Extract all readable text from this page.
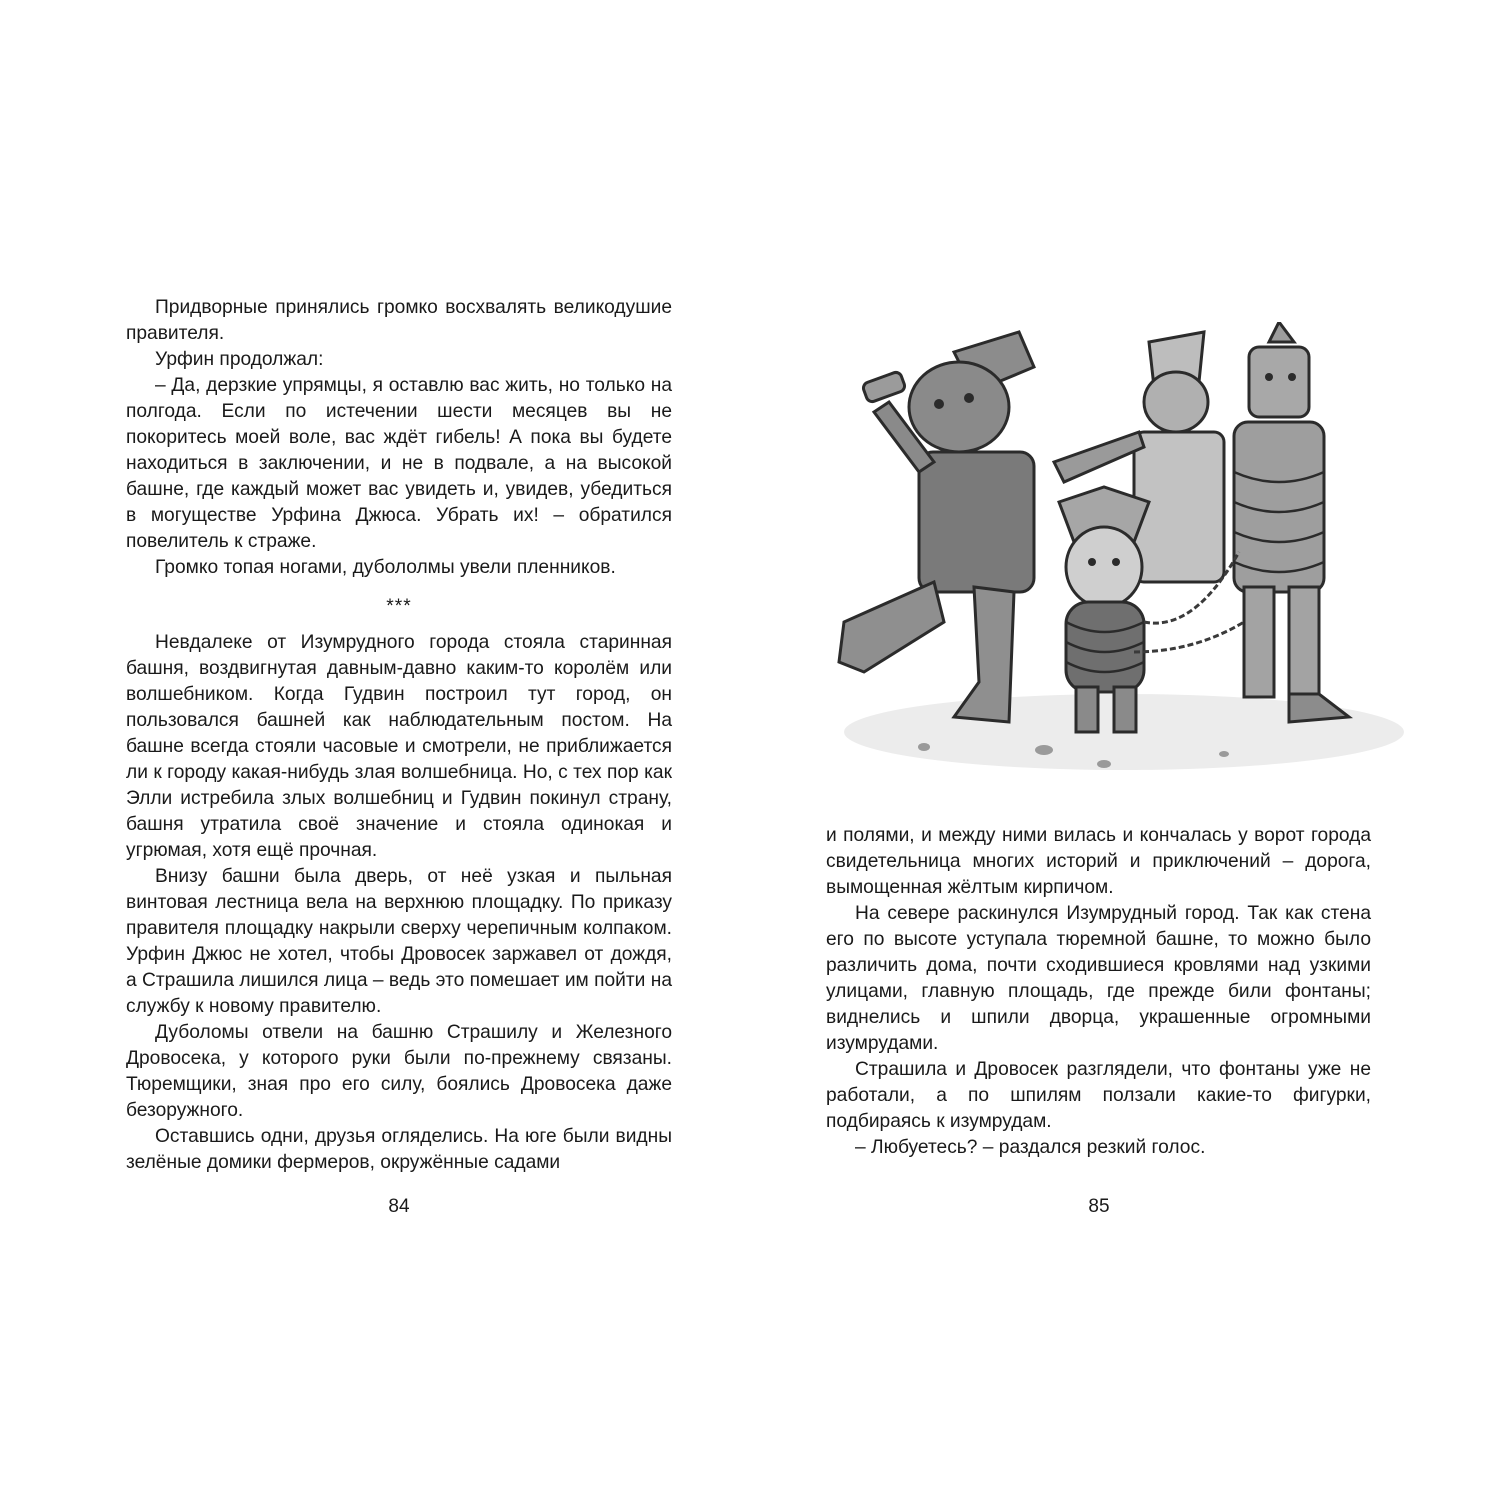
Придворные принялись громко восхвалять великодушие правителя.

Урфин продолжал:

– Да, дерзкие упрямцы, я оставлю вас жить, но только на полгода. Если по истечении шести месяцев вы не покоритесь моей воле, вас ждёт гибель! А пока вы будете находиться в заключении, и не в подвале, а на высокой башне, где каждый может вас увидеть и, увидев, убедиться в могуществе Урфина Джюса. Убрать их! – обратился повелитель к страже.

Громко топая ногами, дубололмы увели пленников.

***

Невдалеке от Изумрудного города стояла старинная башня, воздвигнутая давным-давно каким-то королём или волшебником. Когда Гудвин построил тут город, он пользовался башней как наблюдательным постом. На башне всегда стояли часовые и смотрели, не приближается ли к городу какая-нибудь злая волшебница. Но, с тех пор как Элли истребила злых волшебниц и Гудвин покинул страну, башня утратила своё значение и стояла одинокая и угрюмая, хотя ещё прочная.

Внизу башни была дверь, от неё узкая и пыльная винтовая лестница вела на верхнюю площадку. По приказу правителя площадку накрыли сверху черепичным колпаком. Урфин Джюс не хотел, чтобы Дровосек заржавел от дождя, а Страшила лишился лица – ведь это помешает им пойти на службу к новому правителю.

Дуболомы отвели на башню Страшилу и Железного Дровосека, у которого руки были по-прежнему связаны. Тюремщики, зная про его силу, боялись Дровосека даже безоружного.

Оставшись одни, друзья огляделись. На юге были видны зелёные домики фермеров, окружённые садами

84

и полями, и между ними вилась и кончалась у ворот города свидетельница многих историй и приключений – дорога, вымощенная жёлтым кирпичом.

На севере раскинулся Изумрудный город. Так как стена его по высоте уступала тюремной башне, то можно было различить дома, почти сходившиеся кровлями над узкими улицами, главную площадь, где прежде били фонтаны; виднелись и шпили дворца, украшенные огромными изумрудами.

Страшила и Дровосек разглядели, что фонтаны уже не работали, а по шпилям ползали какие-то фигурки, подбираясь к изумрудам.

– Любуетесь? – раздался резкий голос.

85
